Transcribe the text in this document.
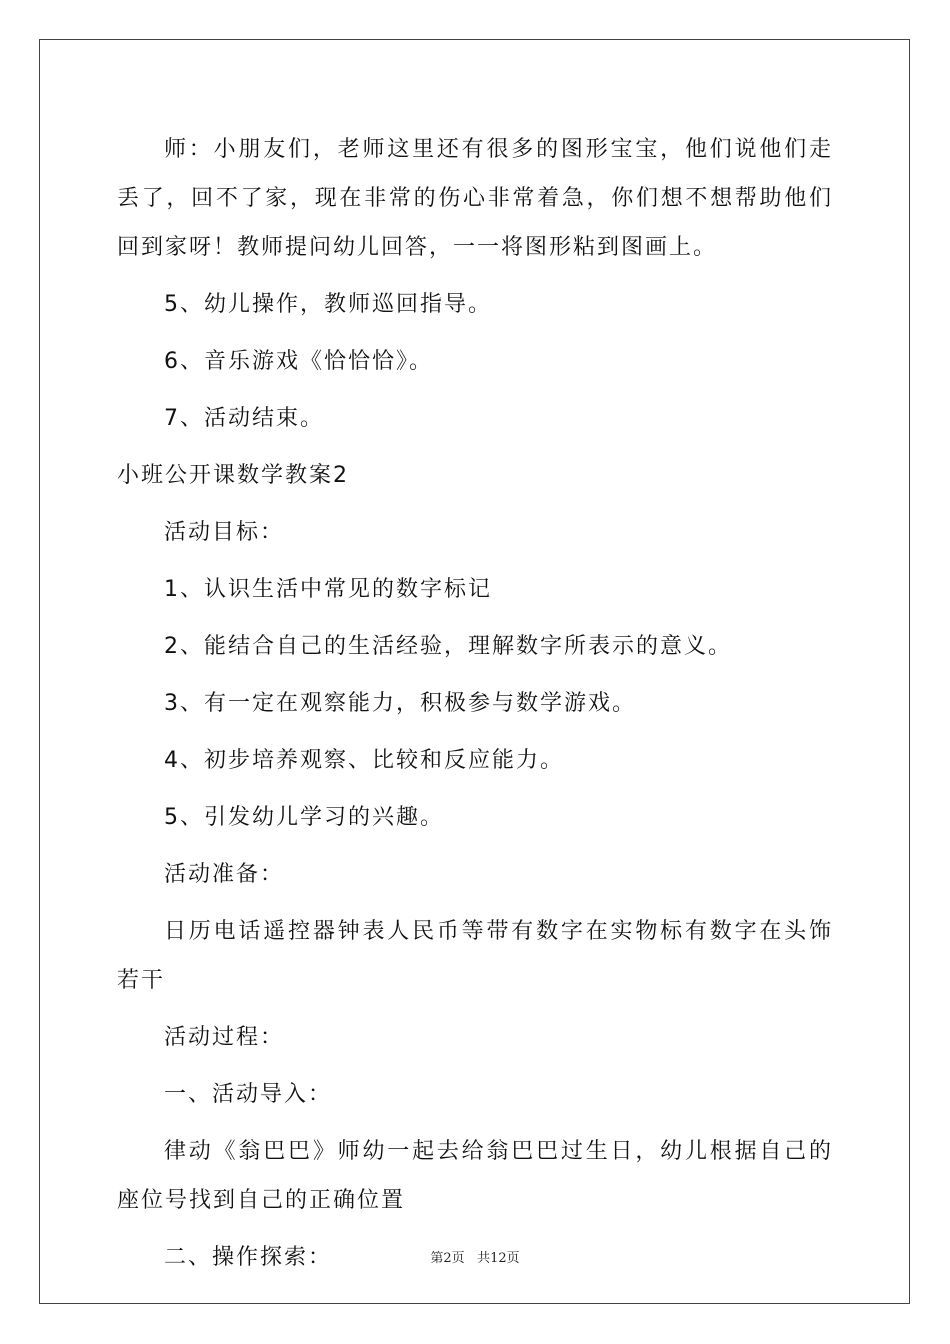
师：小朋友们，老师这里还有很多的图形宝宝，他们说他们走丢了，回不了家，现在非常的伤心非常着急，你们想不想帮助他们回到家呀！教师提问幼儿回答，一一将图形粘到图画上。

5、幼儿操作，教师巡回指导。

6、音乐游戏《恰恰恰》。

7、活动结束。

小班公开课数学教案2

活动目标：

1、认识生活中常见的数字标记

2、能结合自己的生活经验，理解数字所表示的意义。

3、有一定在观察能力，积极参与数学游戏。

4、初步培养观察、比较和反应能力。

5、引发幼儿学习的兴趣。

活动准备：

日历电话遥控器钟表人民币等带有数字在实物标有数字在头饰若干

活动过程：

一、活动导入：

律动《翁巴巴》师幼一起去给翁巴巴过生日，幼儿根据自己的座位号找到自己的正确位置

二、操作探索：	第2页 共12页
